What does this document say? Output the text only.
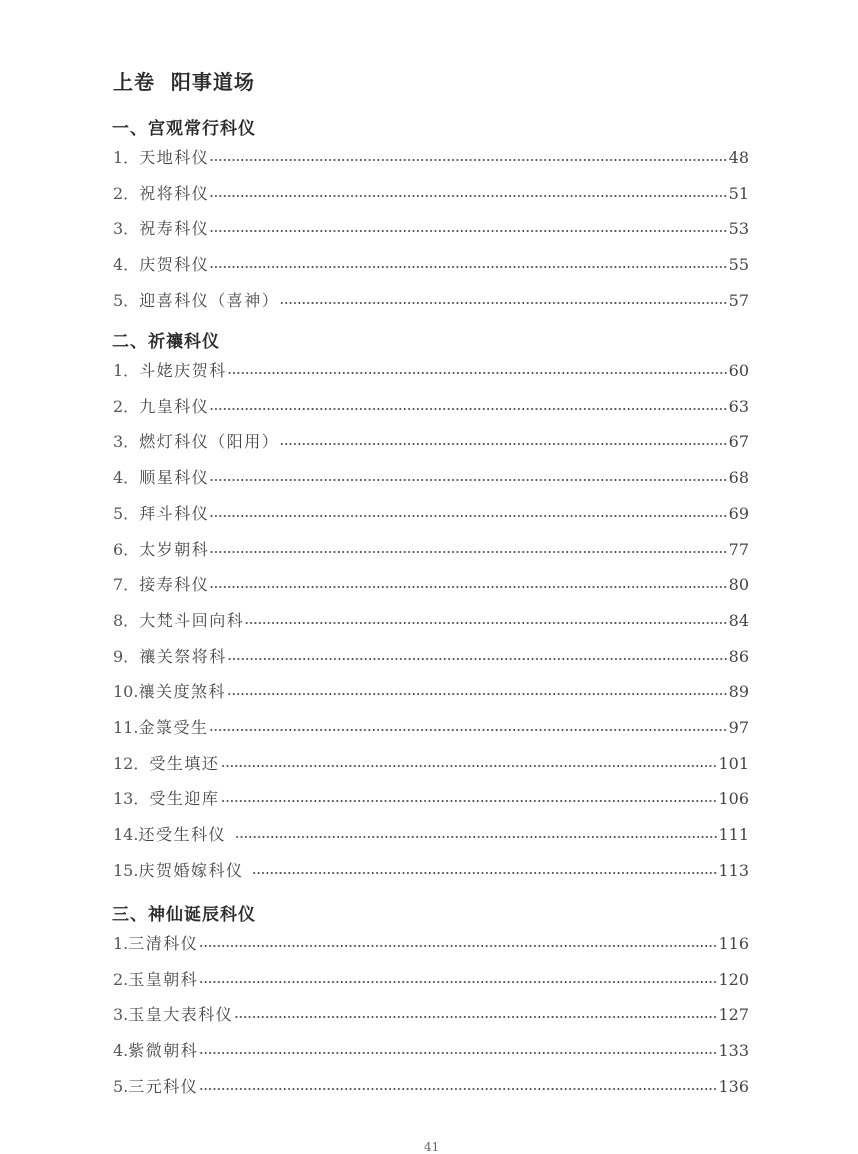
上卷  阳事道场
一、宫观常行科仪
1． 天地科仪	48
2． 祝将科仪	51
3． 祝寿科仪	53
4． 庆贺科仪	55
5． 迎喜科仪（喜神）	57
二、祈禳科仪
1． 斗姥庆贺科	60
2． 九皇科仪	63
3． 燃灯科仪（阳用）	67
4． 顺星科仪	68
5． 拜斗科仪	69
6． 太岁朝科	77
7． 接寿科仪	80
8． 大梵斗回向科	84
9． 禳关祭将科	86
10. 禳关度煞科	89
11. 金箓受生	97
12． 受生填还	101
13． 受生迎库	106
14. 还受生科仪	111
15. 庆贺婚嫁科仪	113
三、神仙诞辰科仪
1. 三清科仪	116
2. 玉皇朝科	120
3. 玉皇大表科仪	127
4. 紫微朝科	133
5. 三元科仪	136
41
